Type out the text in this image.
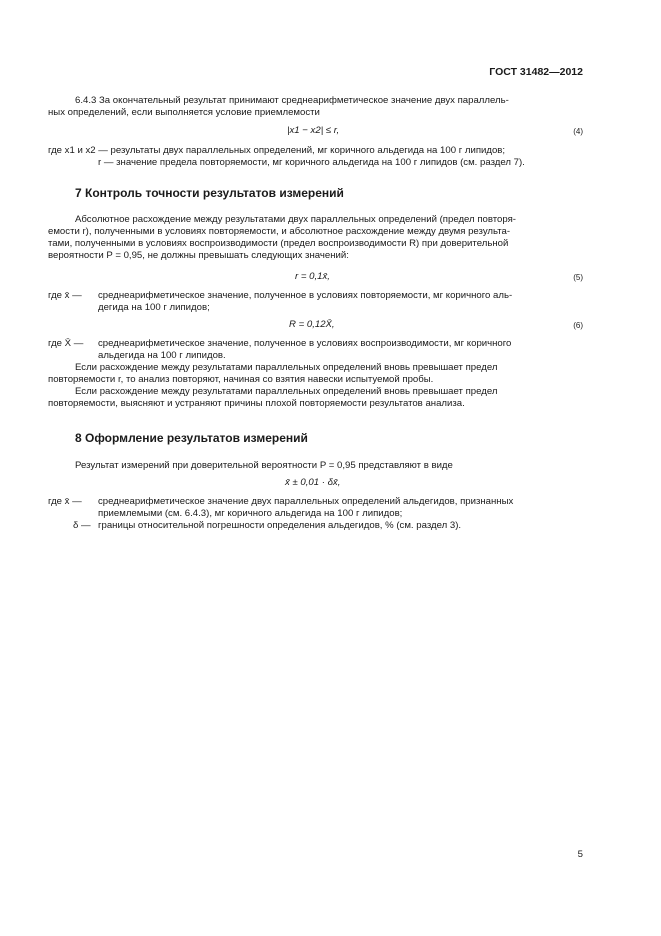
ГОСТ 31482—2012
6.4.3 За окончательный результат принимают среднеарифметическое значение двух параллель-
ных определений, если выполняется условие приемлемости
|x1 − x2| ≤ r,	(4)
где x1 и x2 — результаты двух параллельных определений, мг коричного альдегида на 100 г липидов;
r — значение предела повторяемости, мг коричного альдегида на 100 г липидов (см. раздел 7).
7 Контроль точности результатов измерений
Абсолютное расхождение между результатами двух параллельных определений (предел повторя-
емости r), полученными в условиях повторяемости, и абсолютное расхождение между двумя результа-
тами, полученными в условиях воспроизводимости (предел воспроизводимости R) при доверительной
вероятности P = 0,95, не должны превышать следующих значений:
r = 0,1x̄,	(5)
где x̄ — среднеарифметическое значение, полученное в условиях повторяемости, мг коричного аль-
дегида на 100 г липидов;
R = 0,12X̄,	(6)
где X̄ — среднеарифметическое значение, полученное в условиях воспроизводимости, мг коричного
альдегида на 100 г липидов.
Если расхождение между результатами параллельных определений вновь превышает предел
повторяемости r, то анализ повторяют, начиная со взятия навески испытуемой пробы.
Если расхождение между результатами параллельных определений вновь превышает предел
повторяемости, выясняют и устраняют причины плохой повторяемости результатов анализа.
8 Оформление результатов измерений
Результат измерений при доверительной вероятности P = 0,95 представляют в виде
x̄ ± 0,01 · δx̄,
где x̄ — среднеарифметическое значение двух параллельных определений альдегидов, признанных
приемлемыми (см. 6.4.3), мг коричного альдегида на 100 г липидов;
δ — границы относительной погрешности определения альдегидов, % (см. раздел 3).
5
